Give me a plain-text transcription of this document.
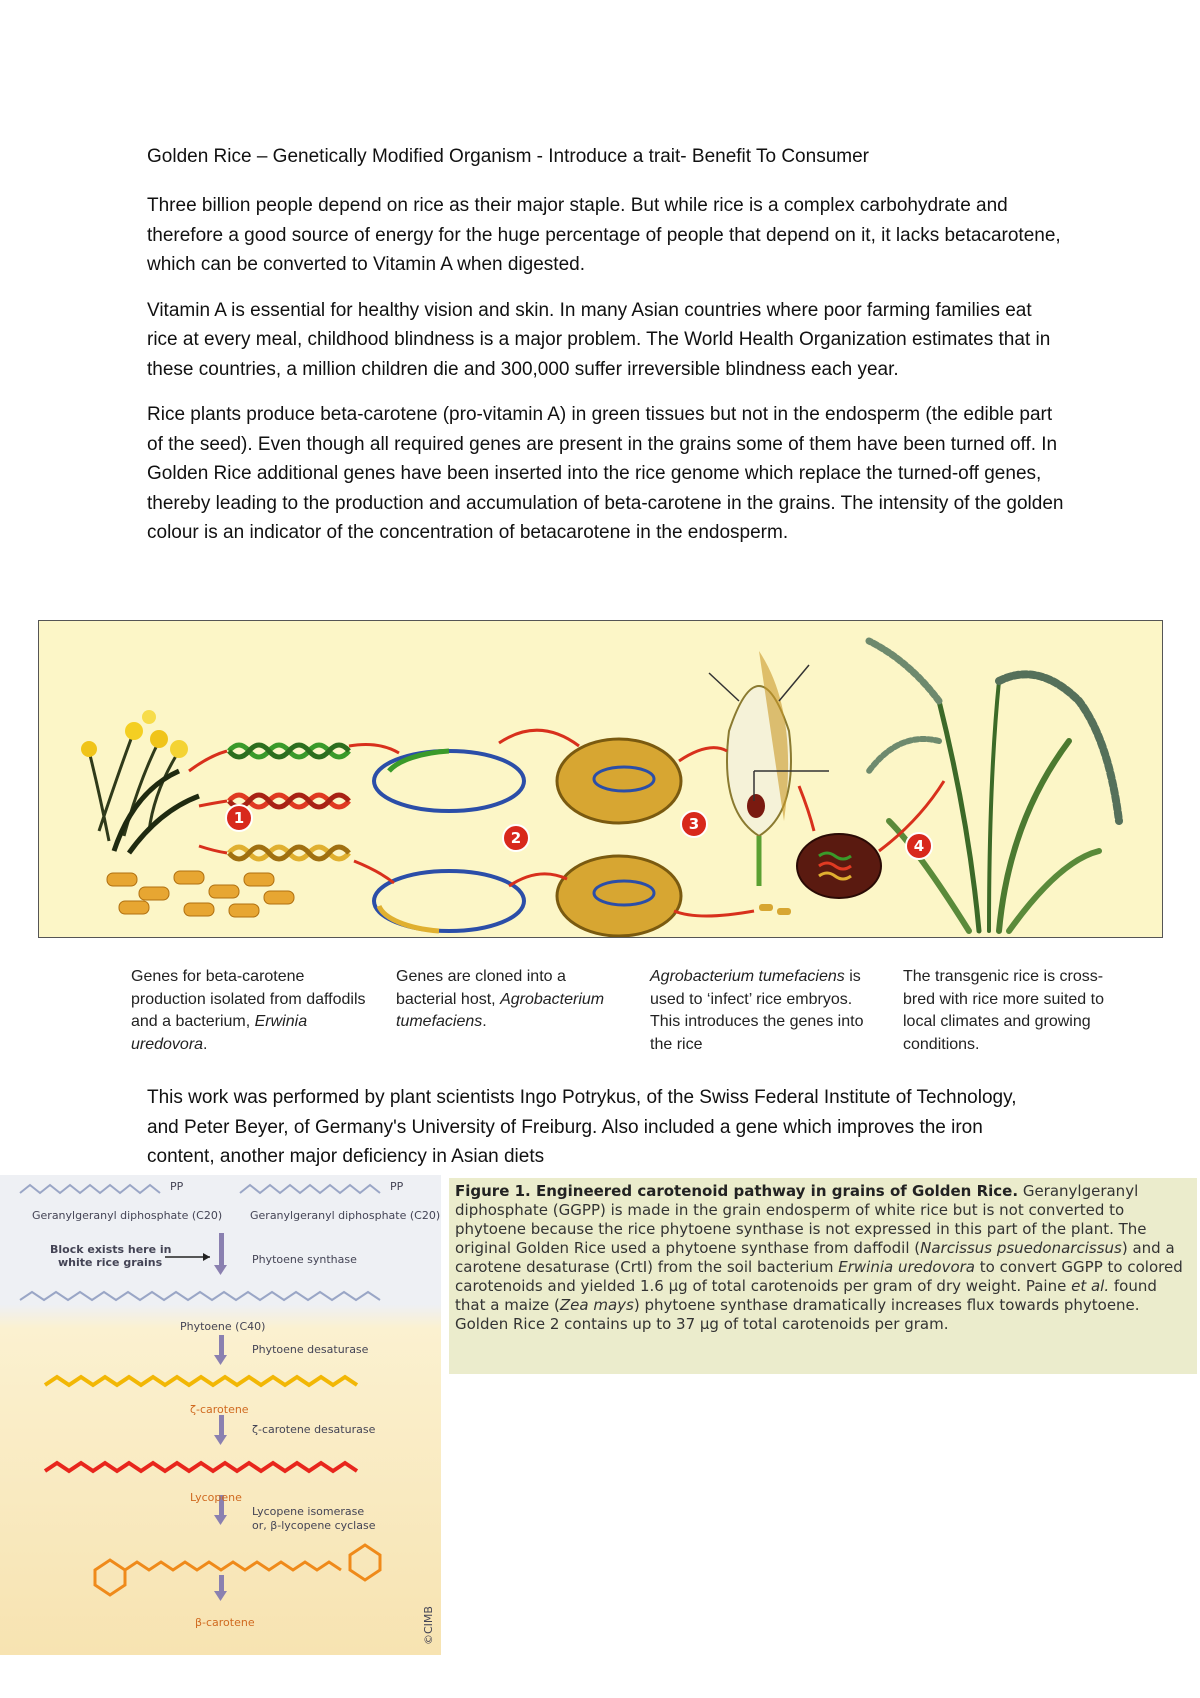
Golden Rice – Genetically Modified Organism - Introduce a trait- Benefit To Consumer

Three billion people depend on rice as their major staple. But while rice is a complex carbohydrate and therefore a good source of energy for the huge percentage of people that depend on it, it lacks betacarotene, which can be converted to Vitamin A when digested.

Vitamin A is essential for healthy vision and skin. In many Asian countries where poor farming families eat rice at every meal, childhood blindness is a major problem. The World Health Organization estimates that in these countries, a million children die and 300,000 suffer irreversible blindness each year.

Rice plants produce beta-carotene (pro-vitamin A) in green tissues but not in the endosperm (the edible part of the seed). Even though all required genes are present in the grains some of them have been turned off. In Golden Rice additional genes have been inserted into the rice genome which replace the turned-off genes, thereby leading to the production and accumulation of beta-carotene in the grains. The intensity of the golden colour is an indicator of the concentration of betacarotene in the endosperm.

1
2
3
4
Genes for beta-carotene production isolated from daffodils and a bacterium, Erwinia uredovora.
Genes are cloned into a bacterial host, Agrobacterium tumefaciens.
Agrobacterium tumefaciens is used to ‘infect’ rice embryos. This introduces the genes into the rice
The transgenic rice is cross-bred with rice more suited to local climates and growing conditions.

This work was performed by plant scientists Ingo Potrykus, of the Swiss Federal Institute of Technology, and Peter Beyer, of Germany's University of Freiburg. Also included a gene which improves the iron content, another major deficiency in Asian diets

PP	PP
Geranylgeranyl diphosphate (C20)	Geranylgeranyl diphosphate (C20)
Block exists here in
white rice grains	Phytoene synthase
Phytoene (C40)
Phytoene desaturase
ζ-carotene
ζ-carotene desaturase
Lycopene
Lycopene isomerase
or, β-lycopene cyclase
β-carotene	©CIMB
Figure 1. Engineered carotenoid pathway in grains of Golden Rice. Geranylgeranyl diphosphate (GGPP) is made in the grain endosperm of white rice but is not converted to phytoene because the rice phytoene synthase is not expressed in this part of the plant. The original Golden Rice used a phytoene synthase from daffodil (Narcissus psuedonarcissus) and a carotene desaturase (CrtI) from the soil bacterium Erwinia uredovora to convert GGPP to colored carotenoids and yielded 1.6 μg of total carotenoids per gram of dry weight. Paine et al. found that a maize (Zea mays) phytoene synthase dramatically increases flux towards phytoene. Golden Rice 2 contains up to 37 μg of total carotenoids per gram.
